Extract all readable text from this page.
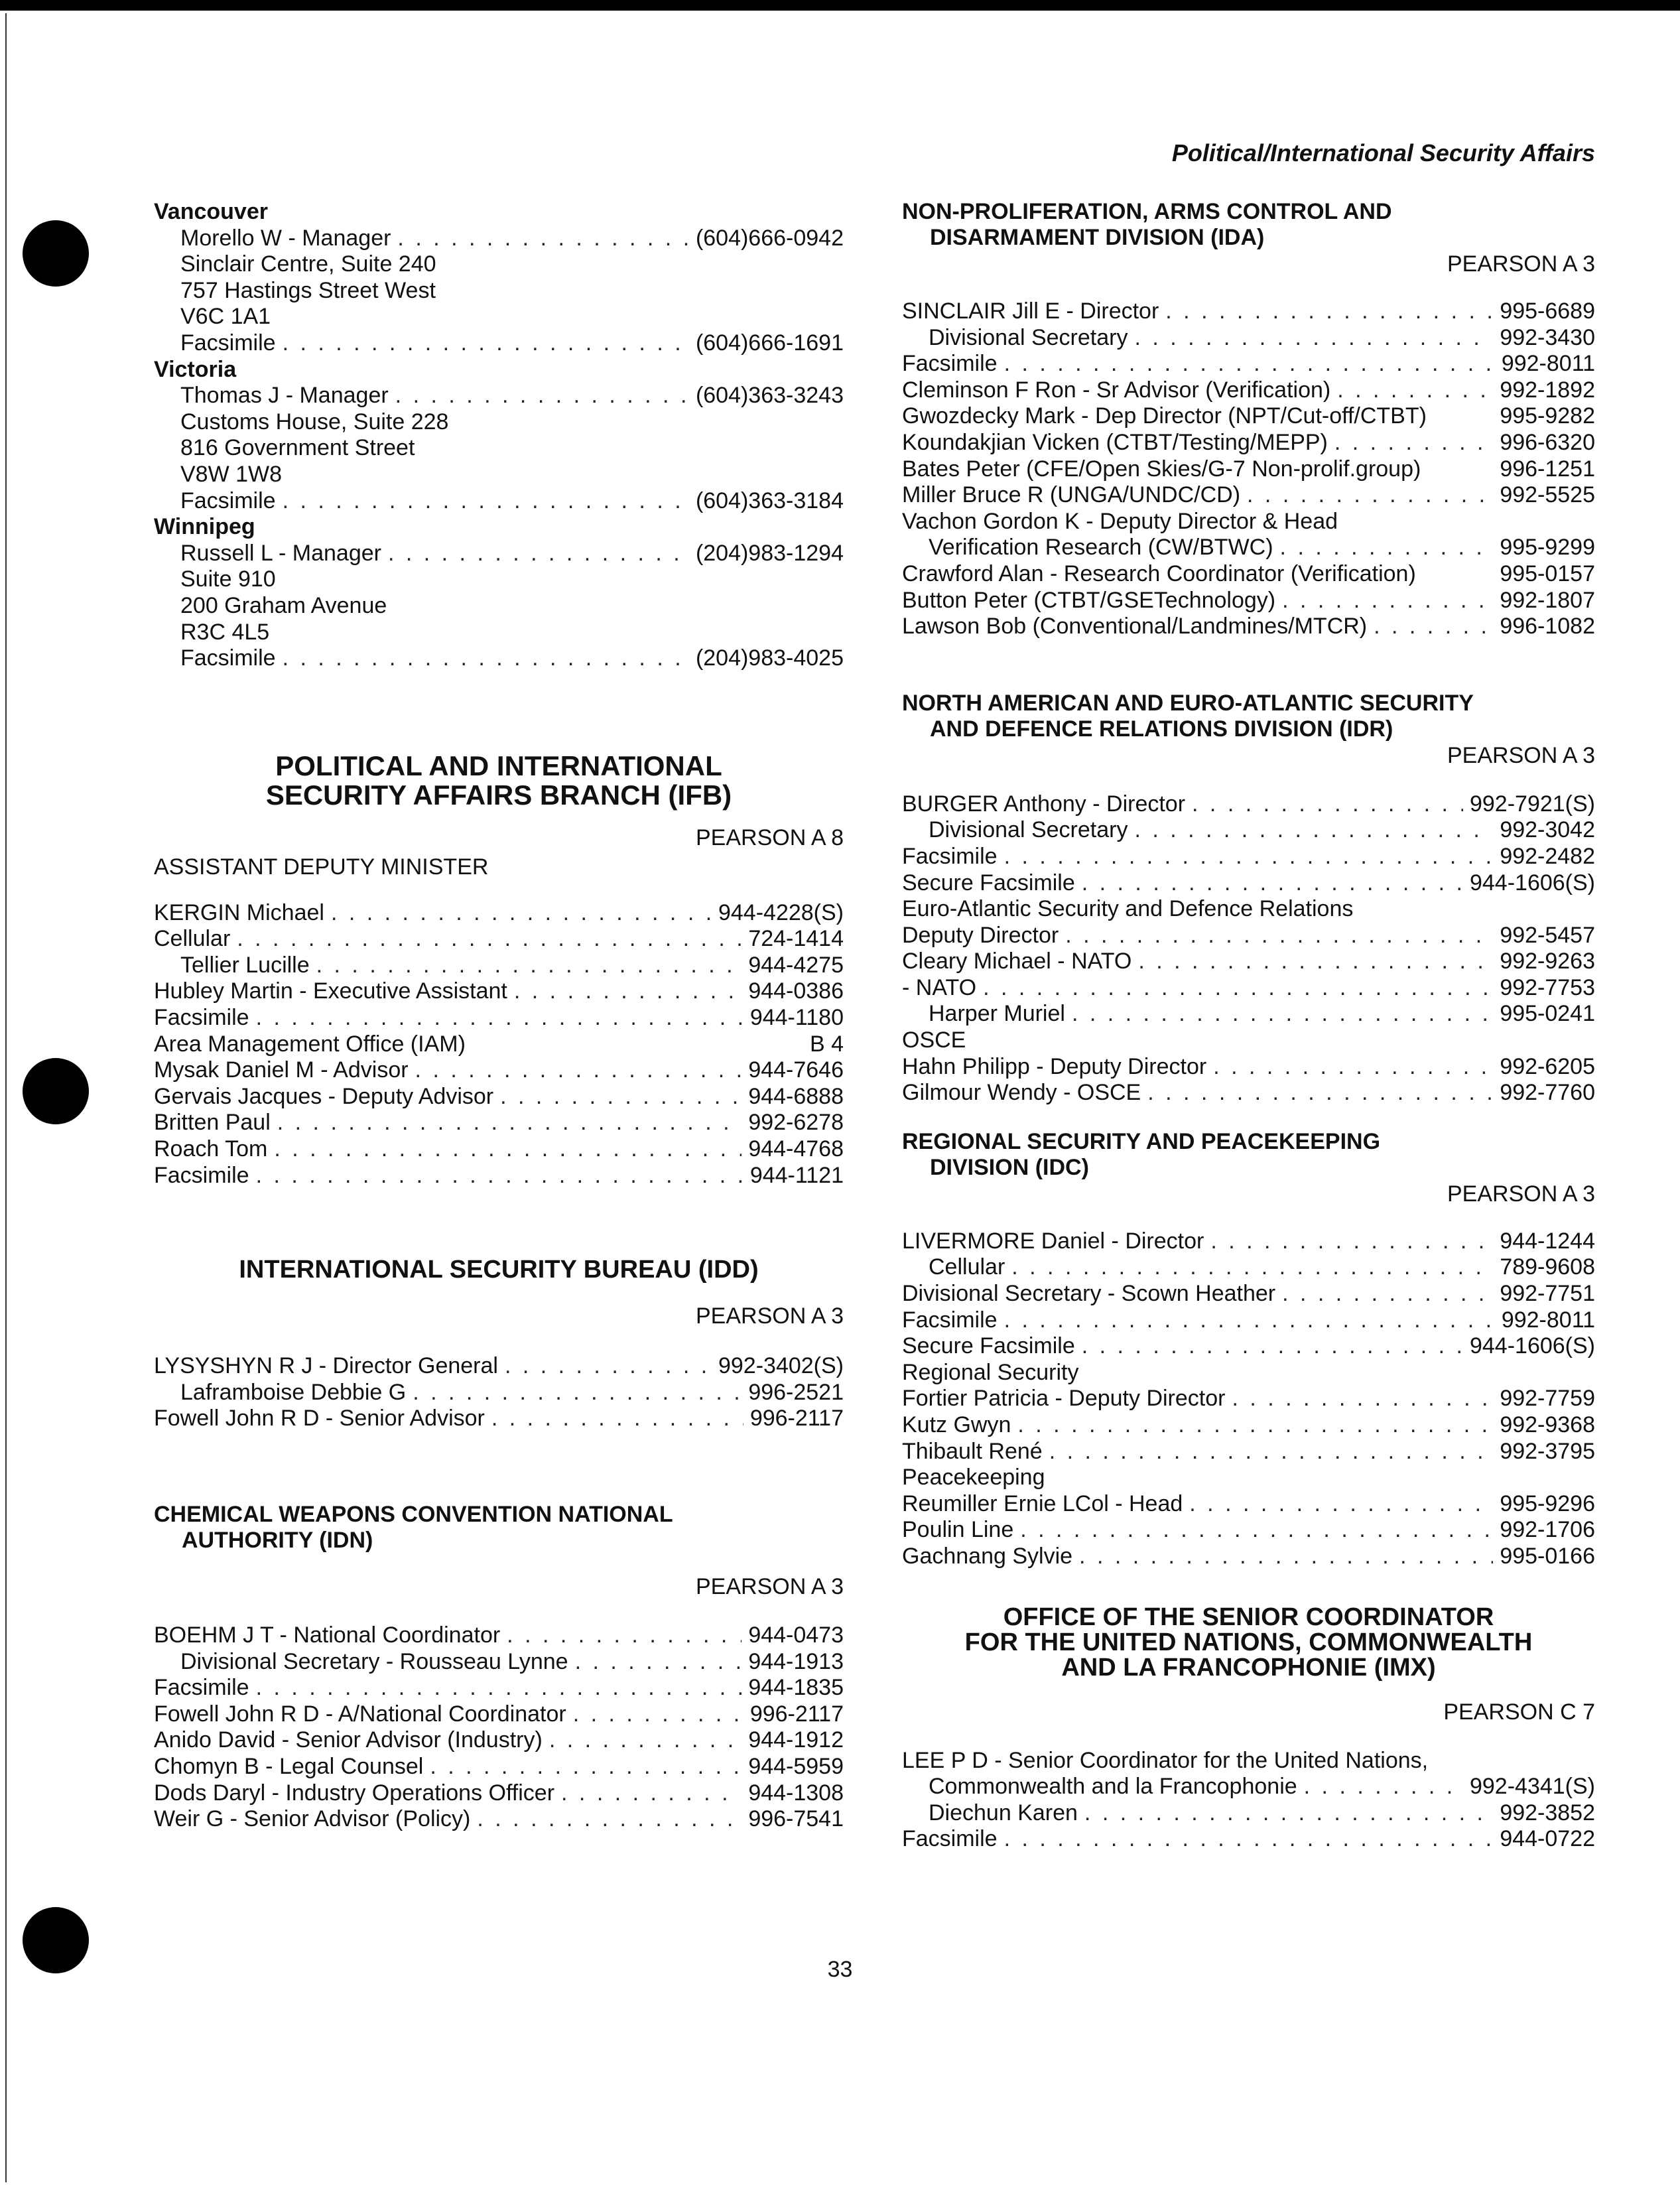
Political/International Security Affairs
Vancouver
Morello W - Manager . . .	(604)666-0942
Sinclair Centre, Suite 240
757 Hastings Street West
V6C 1A1
Facsimile . . .	(604)666-1691
Victoria
Thomas J - Manager . . .	(604)363-3243
Customs House, Suite 228
816 Government Street
V8W 1W8
Facsimile . . .	(604)363-3184
Winnipeg
Russell L - Manager . . .	(204)983-1294
Suite 910
200 Graham Avenue
R3C 4L5
Facsimile . . .	(204)983-4025
POLITICAL AND INTERNATIONAL
SECURITY AFFAIRS BRANCH (IFB)
PEARSON A 8
ASSISTANT DEPUTY MINISTER
KERGIN Michael . . .	944-4228(S)
Cellular . . .	724-1414
Tellier Lucille . . .	944-4275
Hubley Martin - Executive Assistant . . .	944-0386
Facsimile . . .	944-1180
Area Management Office (IAM)	B 4
Mysak Daniel M - Advisor . . .	944-7646
Gervais Jacques - Deputy Advisor . . .	944-6888
Britten Paul . . .	992-6278
Roach Tom . . .	944-4768
Facsimile . . .	944-1121
INTERNATIONAL SECURITY BUREAU (IDD)
PEARSON A 3
LYSYSHYN R J - Director General . . .	992-3402(S)
Laframboise Debbie G . . .	996-2521
Fowell John R D - Senior Advisor . . .	996-2117
CHEMICAL WEAPONS CONVENTION NATIONAL
AUTHORITY (IDN)
PEARSON A 3
BOEHM J T - National Coordinator . . .	944-0473
Divisional Secretary - Rousseau Lynne . . .	944-1913
Facsimile . . .	944-1835
Fowell John R D - A/National Coordinator . . .	996-2117
Anido David - Senior Advisor (Industry) . . .	944-1912
Chomyn B - Legal Counsel . . .	944-5959
Dods Daryl - Industry Operations Officer . . .	944-1308
Weir G - Senior Advisor (Policy) . . .	996-7541
NON-PROLIFERATION, ARMS CONTROL AND
DISARMAMENT DIVISION (IDA)
PEARSON A 3
SINCLAIR Jill E - Director . . .	995-6689
Divisional Secretary . . .	992-3430
Facsimile . . .	992-8011
Cleminson F Ron - Sr Advisor (Verification) . . .	992-1892
Gwozdecky Mark - Dep Director (NPT/Cut-off/CTBT)	995-9282
Koundakjian Vicken (CTBT/Testing/MEPP) . . .	996-6320
Bates Peter (CFE/Open Skies/G-7 Non-prolif.group)	996-1251
Miller Bruce R (UNGA/UNDC/CD) . . .	992-5525
Vachon Gordon K - Deputy Director & Head
Verification Research (CW/BTWC) . . .	995-9299
Crawford Alan - Research Coordinator (Verification)	995-0157
Button Peter (CTBT/GSETechnology) . . .	992-1807
Lawson Bob (Conventional/Landmines/MTCR) . . .	996-1082
NORTH AMERICAN AND EURO-ATLANTIC SECURITY
AND DEFENCE RELATIONS DIVISION (IDR)
PEARSON A 3
BURGER Anthony - Director . . .	992-7921(S)
Divisional Secretary . . .	992-3042
Facsimile . . .	992-2482
Secure Facsimile . . .	944-1606(S)
Euro-Atlantic Security and Defence Relations
Deputy Director . . .	992-5457
Cleary Michael - NATO . . .	992-9263
- NATO . . .	992-7753
Harper Muriel . . .	995-0241
OSCE
Hahn Philipp - Deputy Director . . .	992-6205
Gilmour Wendy - OSCE . . .	992-7760
REGIONAL SECURITY AND PEACEKEEPING
DIVISION (IDC)
PEARSON A 3
LIVERMORE Daniel - Director . . .	944-1244
Cellular . . .	789-9608
Divisional Secretary - Scown Heather . . .	992-7751
Facsimile . . .	992-8011
Secure Facsimile . . .	944-1606(S)
Regional Security
Fortier Patricia - Deputy Director . . .	992-7759
Kutz Gwyn . . .	992-9368
Thibault René . . .	992-3795
Peacekeeping
Reumiller Ernie LCol - Head . . .	995-9296
Poulin Line . . .	992-1706
Gachnang Sylvie . . .	995-0166
OFFICE OF THE SENIOR COORDINATOR
FOR THE UNITED NATIONS, COMMONWEALTH
AND LA FRANCOPHONIE (IMX)
PEARSON C 7
LEE P D - Senior Coordinator for the United Nations,
Commonwealth and la Francophonie . . .	992-4341(S)
Diechun Karen . . .	992-3852
Facsimile . . .	944-0722
33
